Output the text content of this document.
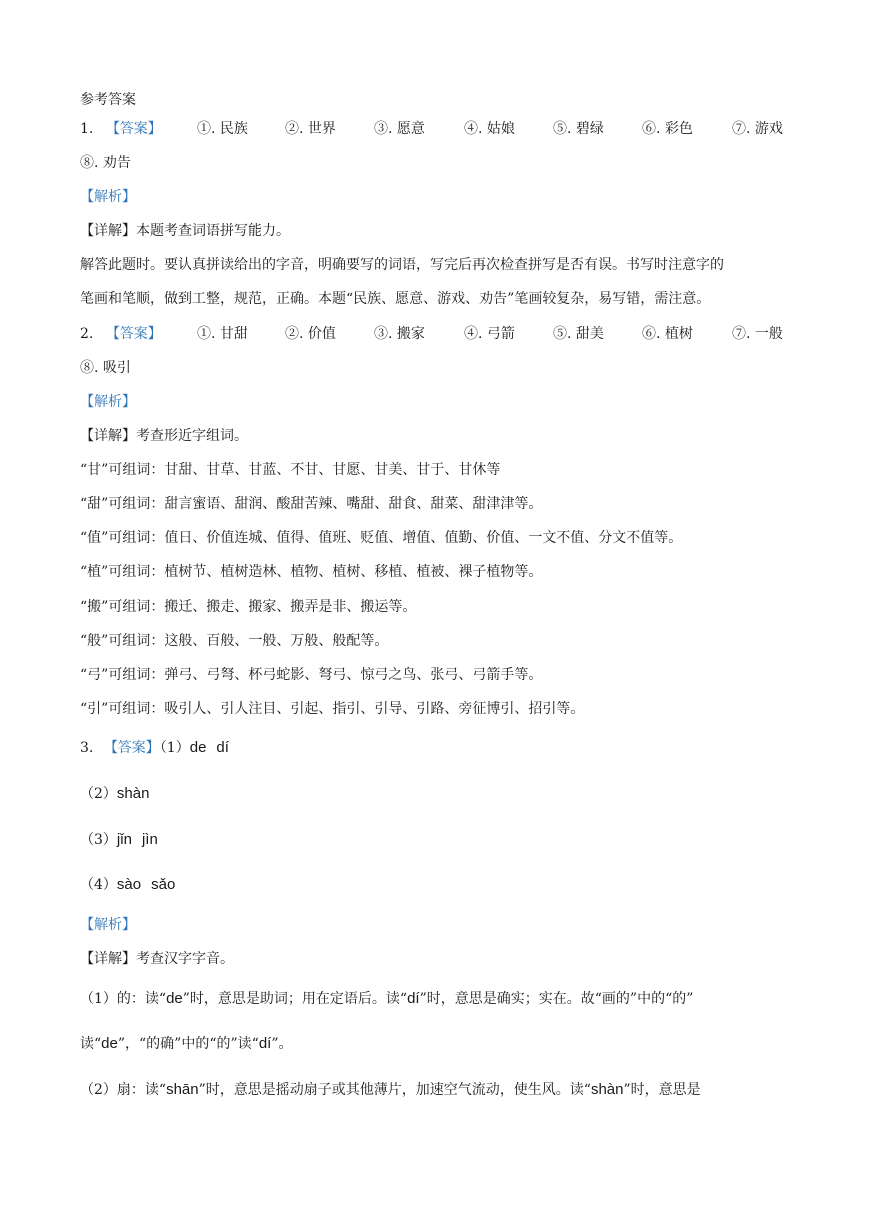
参考答案
1. 【答案】	①. 民族	②. 世界	③. 愿意	④. 姑娘	⑤. 碧绿	⑥. 彩色	⑦. 游戏
⑧. 劝告
【解析】
【详解】本题考查词语拼写能力。
解答此题时。要认真拼读给出的字音，明确要写的词语，写完后再次检查拼写是否有误。书写时注意字的
笔画和笔顺，做到工整，规范，正确。本题“民族、愿意、游戏、劝告”笔画较复杂，易写错，需注意。
2. 【答案】	①. 甘甜	②. 价值	③. 搬家	④. 弓箭	⑤. 甜美	⑥. 植树	⑦. 一般
⑧. 吸引
【解析】
【详解】考查形近字组词。
“甘”可组词：甘甜、甘草、甘蓝、不甘、甘愿、甘美、甘于、甘休等
“甜”可组词：甜言蜜语、甜润、酸甜苦辣、嘴甜、甜食、甜菜、甜津津等。
“值”可组词：值日、价值连城、值得、值班、贬值、增值、值勤、价值、一文不值、分文不值等。
“植”可组词：植树节、植树造林、植物、植树、移植、植被、裸子植物等。
“搬”可组词：搬迁、搬走、搬家、搬弄是非、搬运等。
“般”可组词：这般、百般、一般、万般、般配等。
“弓”可组词：弹弓、弓弩、杯弓蛇影、弩弓、惊弓之鸟、张弓、弓箭手等。
“引”可组词：吸引人、引人注目、引起、指引、引导、引路、旁征博引、招引等。
3. 【答案】（1）de dí
（2）shàn
（3）jǐn jìn
（4）sào sǎo
【解析】
【详解】考查汉字字音。
（1）的：读“de”时，意思是助词；用在定语后。读“dí”时，意思是确实；实在。故“画的”中的“的”
读“de”，“的确”中的“的”读“dí”。
（2）扇：读“shān”时，意思是摇动扇子或其他薄片，加速空气流动，使生风。读“shàn”时，意思是
